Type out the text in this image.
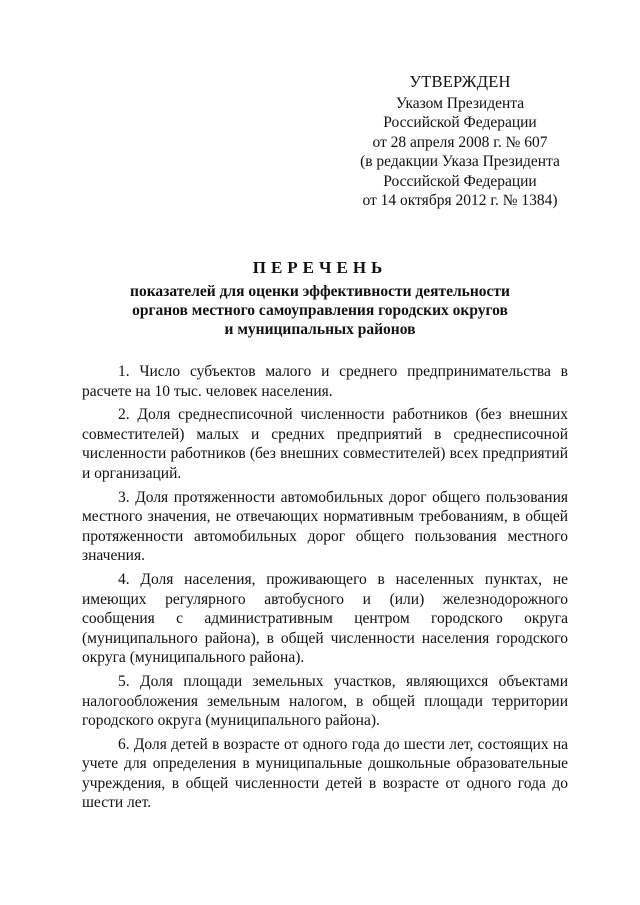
УТВЕРЖДЕН
Указом Президента
Российской Федерации
от 28 апреля 2008 г. № 607
(в редакции Указа Президента
Российской Федерации
от 14 октября 2012 г. № 1384)
ПЕРЕЧЕНЬ
показателей для оценки эффективности деятельности
органов местного самоуправления городских округов
и муниципальных районов

1. Число субъектов малого и среднего предпринимательства в расчете на 10 тыс. человек населения.

2. Доля среднесписочной численности работников (без внешних совместителей) малых и средних предприятий в среднесписочной численности работников (без внешних совместителей) всех предприятий и организаций.

3. Доля протяженности автомобильных дорог общего пользования местного значения, не отвечающих нормативным требованиям, в общей протяженности автомобильных дорог общего пользования местного значения.

4. Доля населения, проживающего в населенных пунктах, не имеющих регулярного автобусного и (или) железнодорожного сообщения с административным центром городского округа (муниципального района), в общей численности населения городского округа (муниципального района).

5. Доля площади земельных участков, являющихся объектами налогообложения земельным налогом, в общей площади территории городского округа (муниципального района).

6. Доля детей в возрасте от одного года до шести лет, состоящих на учете для определения в муниципальные дошкольные образовательные учреждения, в общей численности детей в возрасте от одного года до шести лет.
